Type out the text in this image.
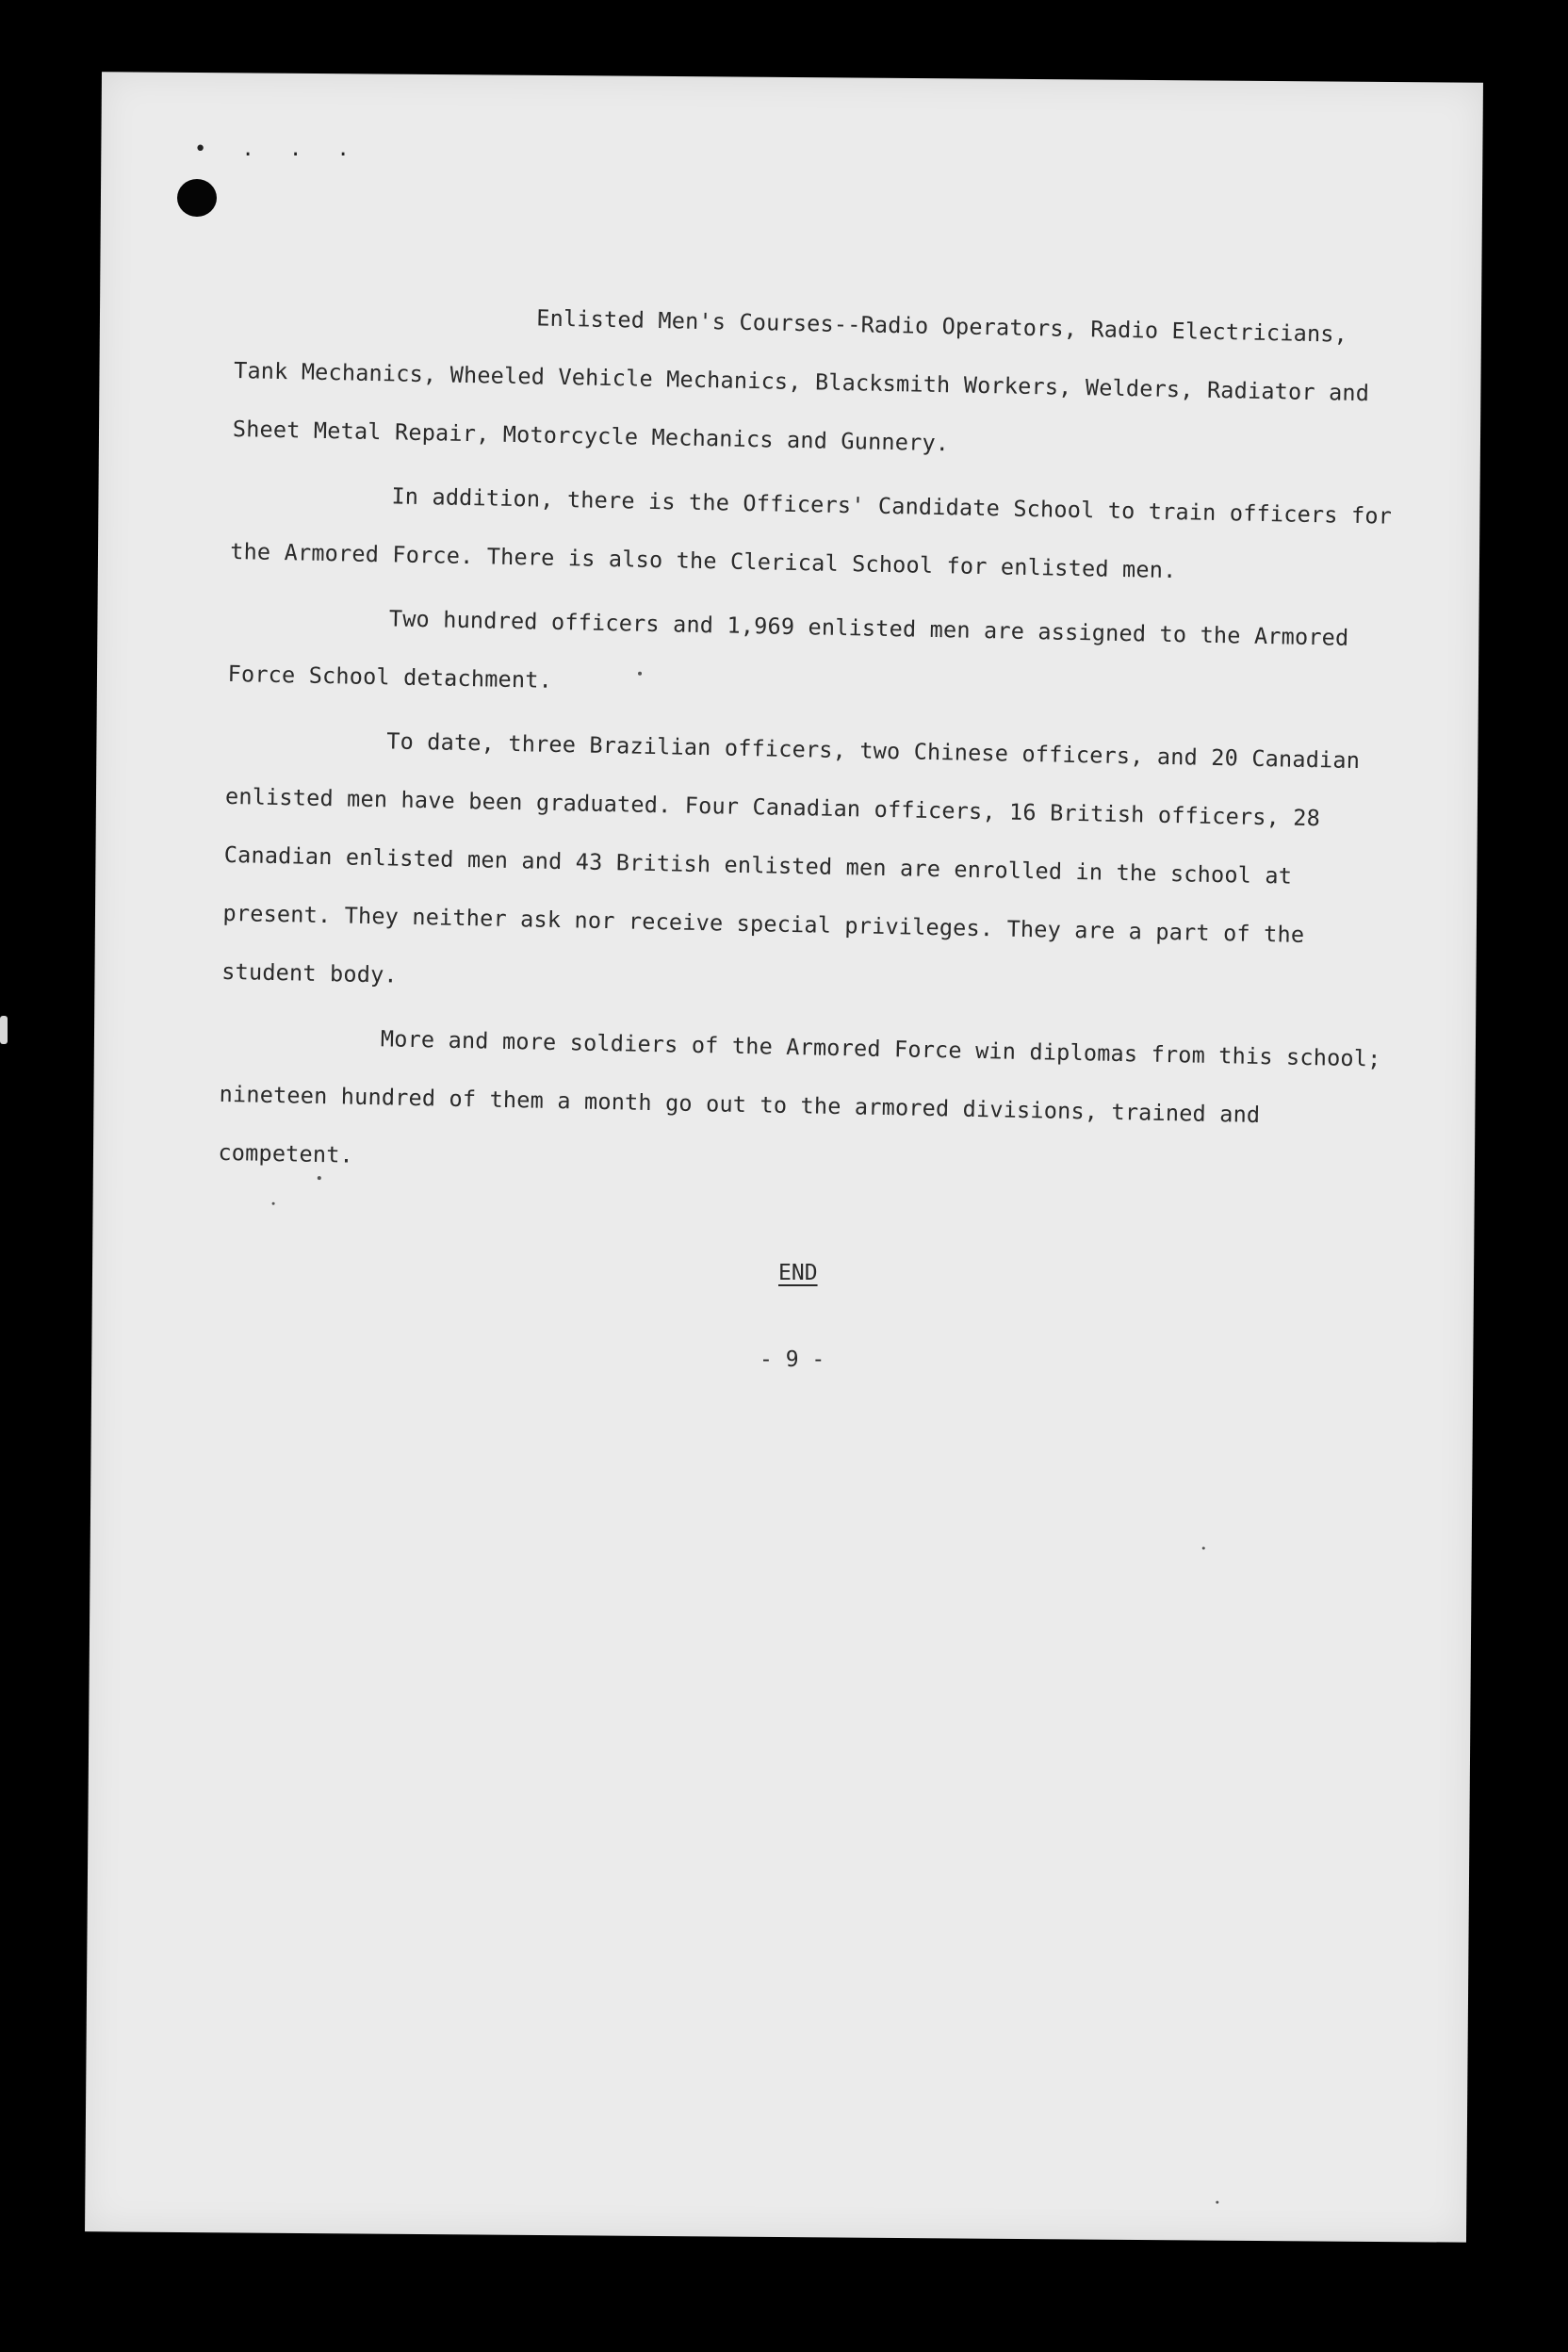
• . . .

Enlisted Men's Courses--Radio Operators, Radio Electricians, Tank Mechanics, Wheeled Vehicle Mechanics, Blacksmith Workers, Welders, Radiator and Sheet Metal Repair, Motorcycle Mechanics and Gunnery.

In addition, there is the Officers' Candidate School to train officers for the Armored Force. There is also the Clerical School for enlisted men.

Two hundred officers and 1,969 enlisted men are assigned to the Armored Force School detachment.

To date, three Brazilian officers, two Chinese officers, and 20 Canadian enlisted men have been graduated. Four Canadian officers, 16 British officers, 28 Canadian enlisted men and 43 British enlisted men are enrolled in the school at present. They neither ask nor receive special privileges. They are a part of the student body.

More and more soldiers of the Armored Force win diplomas from this school; nineteen hundred of them a month go out to the armored divisions, trained and competent.

END
- 9 -
